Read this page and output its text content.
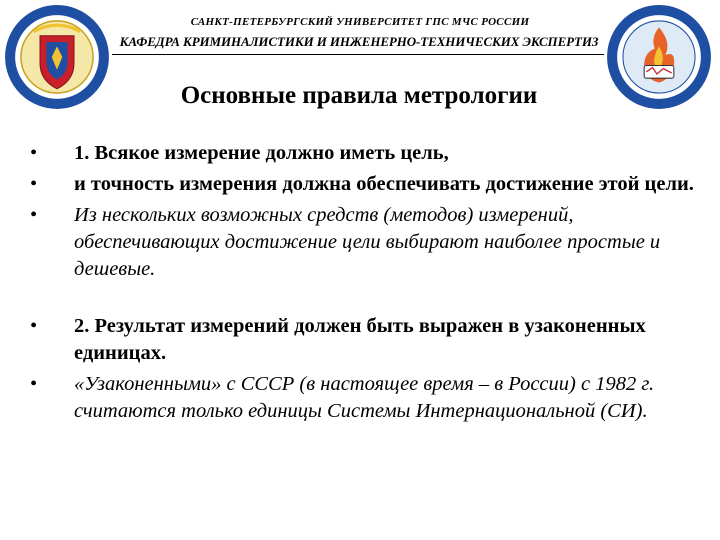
САНКТ-ПЕТЕРБУРГСКИЙ УНИВЕРСИТЕТ ГПС МЧС РОССИИ
КАФЕДРА КРИМИНАЛИСТИКИ И ИНЖЕНЕРНО-ТЕХНИЧЕСКИХ ЭКСПЕРТИЗ
Основные правила метрологии
• 1. Всякое измерение должно иметь цель,
• и точность измерения должна обеспечивать достижение этой цели.
• Из нескольких возможных средств (методов) измерений, обеспечивающих достижение цели выбирают наиболее простые и дешевые.
• 2. Результат измерений должен быть выражен в узаконенных единицах.
• «Узаконенными» с СССР (в настоящее время – в России) с 1982 г. считаются только единицы Системы Интернациональной (СИ).
